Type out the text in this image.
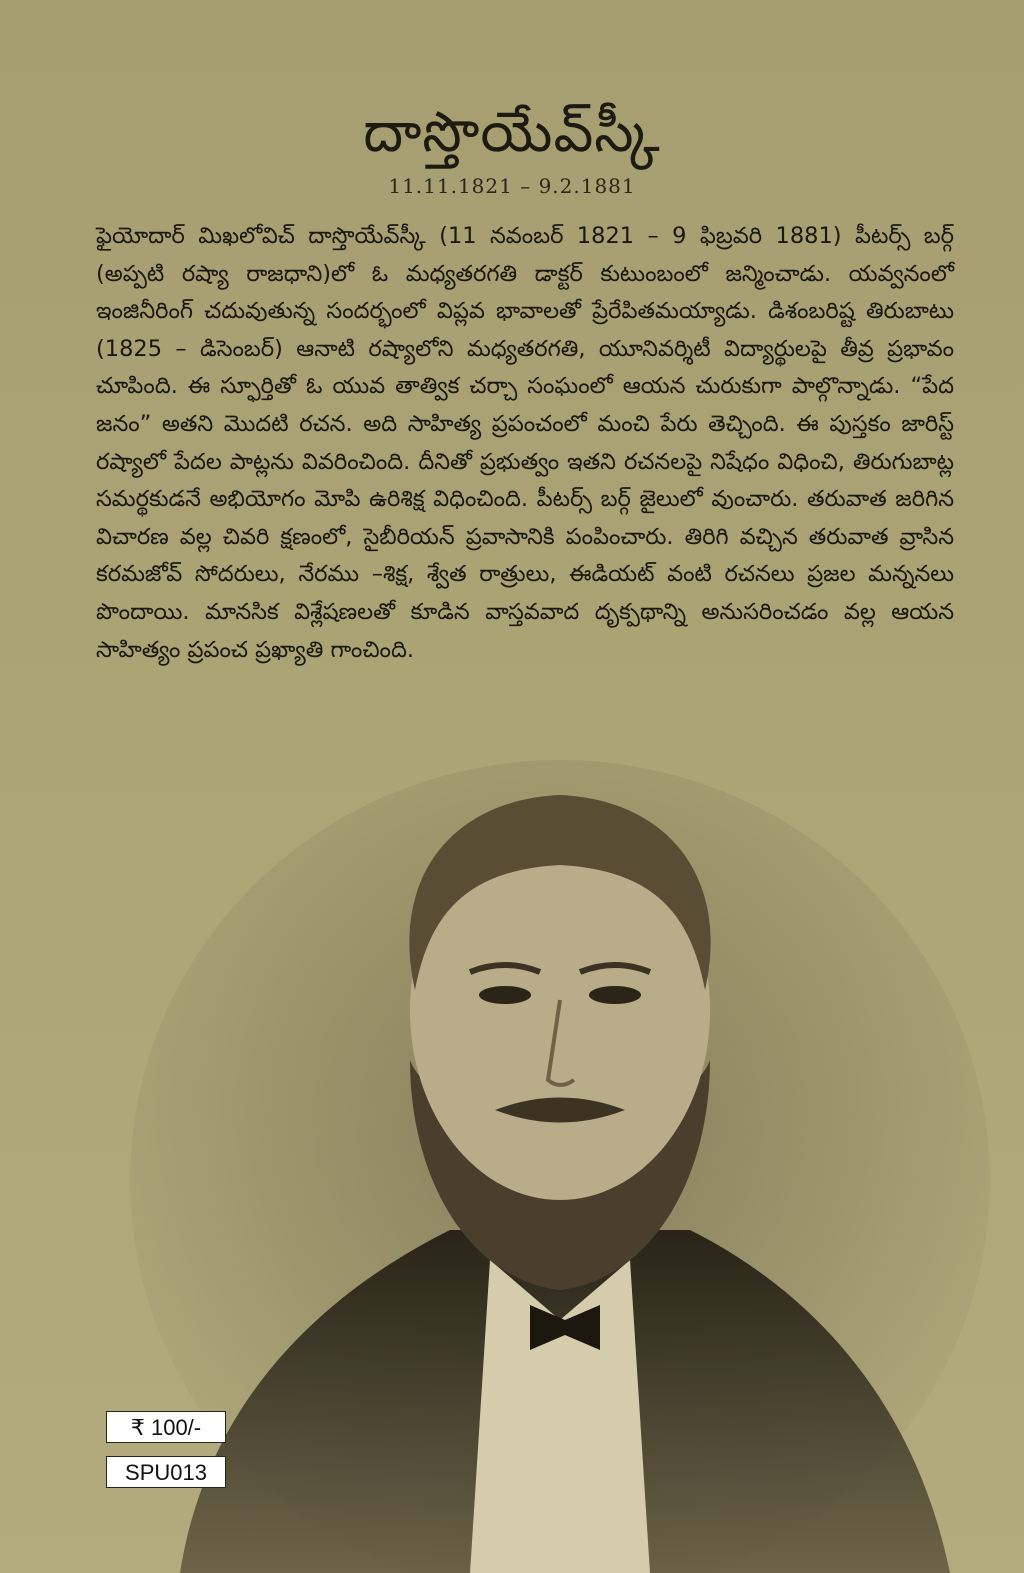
దాస్తొయేవ్‌స్కీ
11.11.1821 – 9.2.1881
ఫైయోదార్ మిఖలోవిచ్ దాస్తొయేవ్‌స్కీ (11 నవంబర్ 1821 – 9 ఫిబ్రవరి 1881) పీటర్స్ బర్గ్ (అప్పటి రష్యా రాజధాని)లో ఓ మధ్యతరగతి డాక్టర్ కుటుంబంలో జన్మించాడు. యవ్వనంలో ఇంజినీరింగ్ చదువుతున్న సందర్భంలో విప్లవ భావాలతో ప్రేరేపితమయ్యాడు. డిశంబరిష్ట తిరుబాటు (1825 – డిసెంబర్) ఆనాటి రష్యాలోని మధ్యతరగతి, యూనివర్శిటీ విద్యార్థులపై తీవ్ర ప్రభావం చూపింది. ఈ స్ఫూర్తితో ఓ యువ తాత్విక చర్చా సంఘంలో ఆయన చురుకుగా పాల్గొన్నాడు. “పేద జనం” అతని మొదటి రచన. అది సాహిత్య ప్రపంచంలో మంచి పేరు తెచ్చింది. ఈ పుస్తకం జారిస్ట్ రష్యాలో పేదల పాట్లను వివరించింది. దీనితో ప్రభుత్వం ఇతని రచనలపై నిషేధం విధించి, తిరుగుబాట్ల సమర్థకుడనే అభియోగం మోపి ఉరిశిక్ష విధించింది. పీటర్స్ బర్గ్ జైలులో వుంచారు. తరువాత జరిగిన విచారణ వల్ల చివరి క్షణంలో, సైబీరియన్ ప్రవాసానికి పంపించారు. తిరిగి వచ్చిన తరువాత వ్రాసిన కరమజోవ్ సోదరులు, నేరము –శిక్ష, శ్వేత రాత్రులు, ఈడియట్ వంటి రచనలు ప్రజల మన్ననలు పొందాయి. మానసిక విశ్లేషణలతో కూడిన వాస్తవవాద దృక్పథాన్ని అనుసరించడం వల్ల ఆయన సాహిత్యం ప్రపంచ ప్రఖ్యాతి గాంచింది.
₹ 100/-
SPU013
